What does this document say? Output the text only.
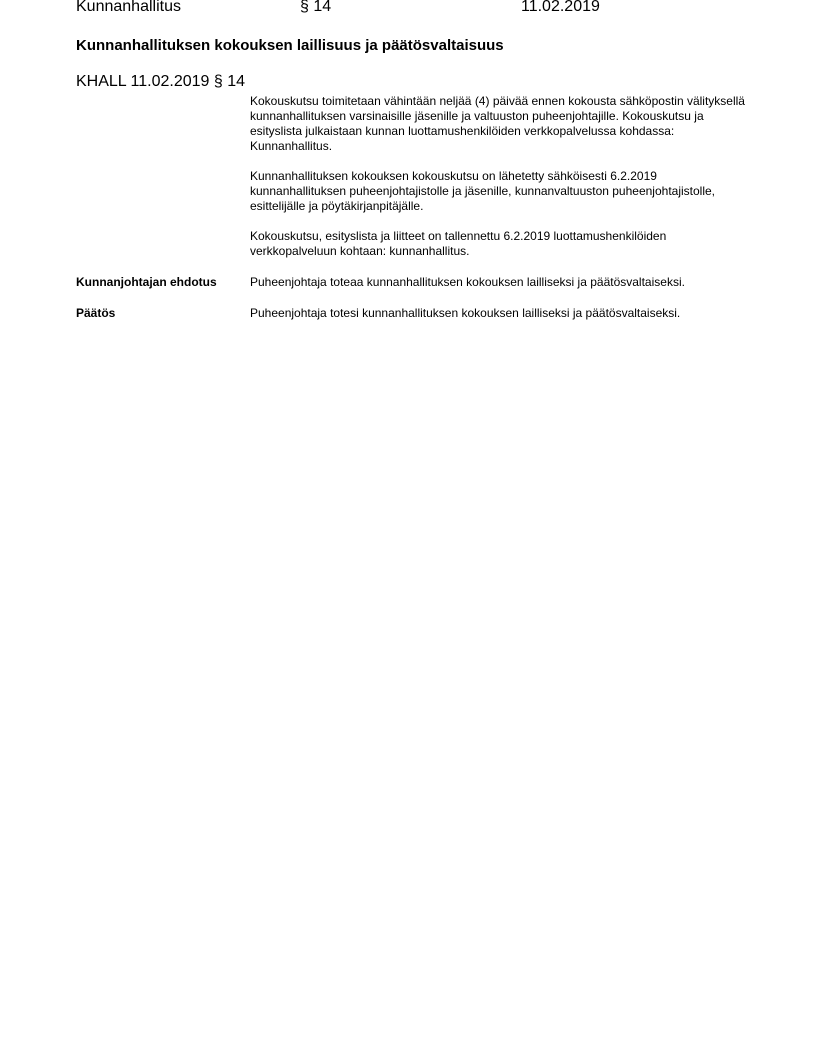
Kunnanhallitus	§ 14	11.02.2019
Kunnanhallituksen kokouksen laillisuus ja päätösvaltaisuus
KHALL 11.02.2019 § 14

Kokouskutsu toimitetaan vähintään neljää (4) päivää ennen kokousta sähköpostin välityksellä kunnanhallituksen varsinaisille jäsenille ja valtuuston puheenjohtajille. Kokouskutsu ja esityslista julkaistaan kunnan luottamushenkilöiden verkkopalvelussa kohdassa: Kunnanhallitus.

Kunnanhallituksen kokouksen kokouskutsu on lähetetty sähköisesti 6.2.2019 kunnanhallituksen puheenjohtajistolle ja jäsenille, kunnanvaltuuston puheenjohtajistolle, esittelijälle ja pöytäkirjanpitäjälle.

Kokouskutsu, esityslista ja liitteet on tallennettu 6.2.2019 luottamushenkilöiden verkkopalveluun kohtaan: kunnanhallitus.

Kunnanjohtajan ehdotus	Puheenjohtaja toteaa kunnanhallituksen kokouksen lailliseksi ja päätösvaltaiseksi.
Päätös	Puheenjohtaja totesi kunnanhallituksen kokouksen lailliseksi ja päätösvaltaiseksi.
